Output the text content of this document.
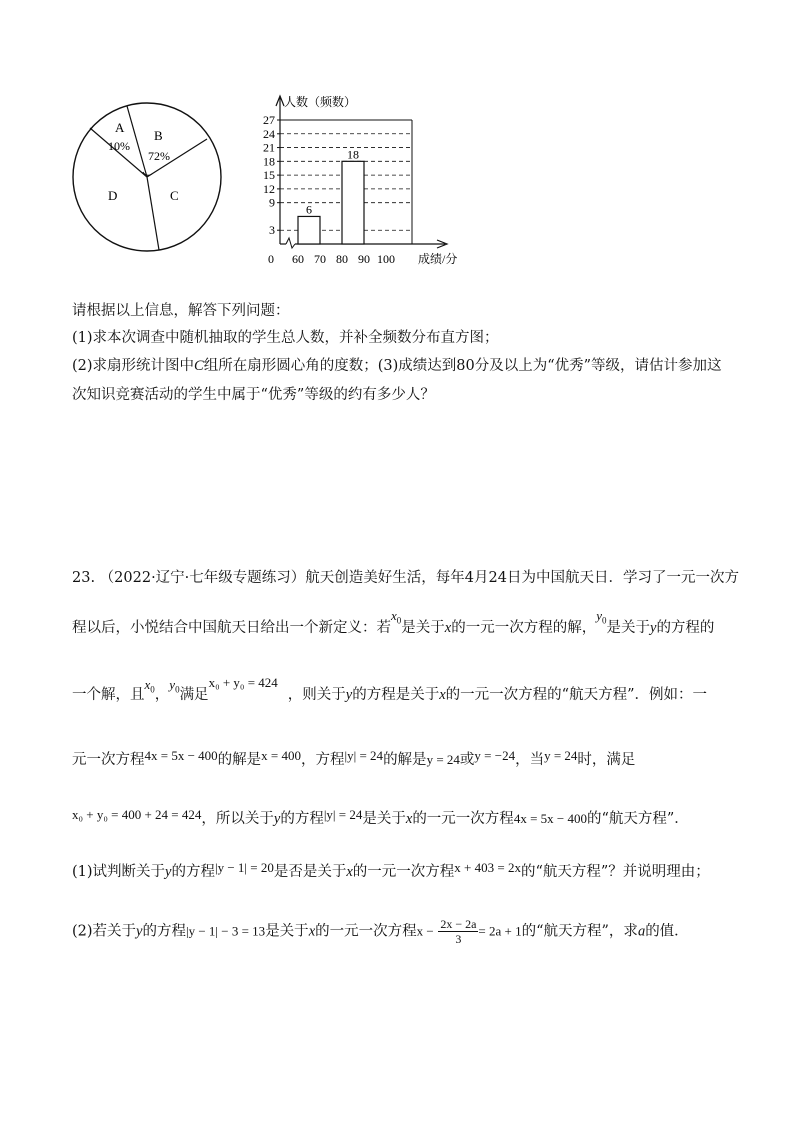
A
10%
B
72%
C
D
3
9
12
15
18
21
24
27
6
18
60 70 80 90 100
0
人数（频数）
成绩/分
请根据以上信息，解答下列问题：
(1)求本次调查中随机抽取的学生总人数，并补全频数分布直方图；
(2)求扇形统计图中C组所在扇形圆心角的度数；(3)成绩达到80分及以上为“优秀”等级，请估计参加这
次知识竞赛活动的学生中属于“优秀”等级的约有多少人？
23. （2022·辽宁·七年级专题练习）航天创造美好生活，每年4月24日为中国航天日．学习了一元一次方
程以后，小悦结合中国航天日给出一个新定义：若$x_0$是关于x的一元一次方程的解，$y_0$是关于y的方程的
一个解，且$x_0$，$y_0$满足x₀ + y₀ = 424，则关于y的方程是关于x的一元一次方程的“航天方程”．例如：一
元一次方程4x = 5x − 400的解是x = 400，方程|y| = 24的解是y = 24或y = −24，当y = 24时，满足
x₀ + y₀ = 400 + 24 = 424，所以关于y的方程|y| = 24是关于x的一元一次方程4x = 5x − 400的“航天方程”．
(1)试判断关于y的方程|y − 1| = 20是否是关于x的一元一次方程x + 403 = 2x的“航天方程”？并说明理由；
(2)若关于y的方程|y − 1| − 3 = 13是关于x的一元一次方程$x - \frac{2x - 2a}{3} = 2a + 1$的“航天方程”，求a的值．
